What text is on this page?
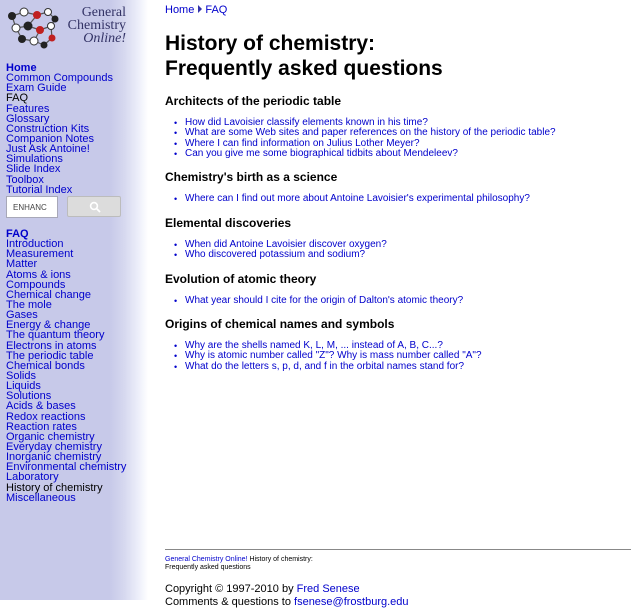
General
Chemistry
Online!
Home
Common Compounds
Exam Guide
FAQ
Features
Glossary
Construction Kits
Companion Notes
Just Ask Antoine!
Simulations
Slide Index
Toolbox
Tutorial Index
ENHANC
FAQ
Introduction
Measurement
Matter
Atoms & ions
Compounds
Chemical change
The mole
Gases
Energy & change
The quantum theory
Electrons in atoms
The periodic table
Chemical bonds
Solids
Liquids
Solutions
Acids & bases
Redox reactions
Reaction rates
Organic chemistry
Everyday chemistry
Inorganic chemistry
Environmental chemistry
Laboratory
History of chemistry
Miscellaneous
Home FAQ
History of chemistry:
Frequently asked questions
Architects of the periodic table
• How did Lavoisier classify elements known in his time?
• What are some Web sites and paper references on the history of the periodic table?
• Where I can find information on Julius Lother Meyer?
• Can you give me some biographical tidbits about Mendeleev?
Chemistry's birth as a science
• Where can I find out more about Antoine Lavoisier's experimental philosophy?
Elemental discoveries
• When did Antoine Lavoisier discover oxygen?
• Who discovered potassium and sodium?
Evolution of atomic theory
• What year should I cite for the origin of Dalton's atomic theory?
Origins of chemical names and symbols
• Why are the shells named K, L, M, ... instead of A, B, C...?
• Why is atomic number called "Z"? Why is mass number called "A"?
• What do the letters s, p, d, and f in the orbital names stand for?
General Chemistry Online! History of chemistry:
Frequently asked questions
Copyright © 1997-2010 by Fred Senese
Comments & questions to fsenese@frostburg.edu
